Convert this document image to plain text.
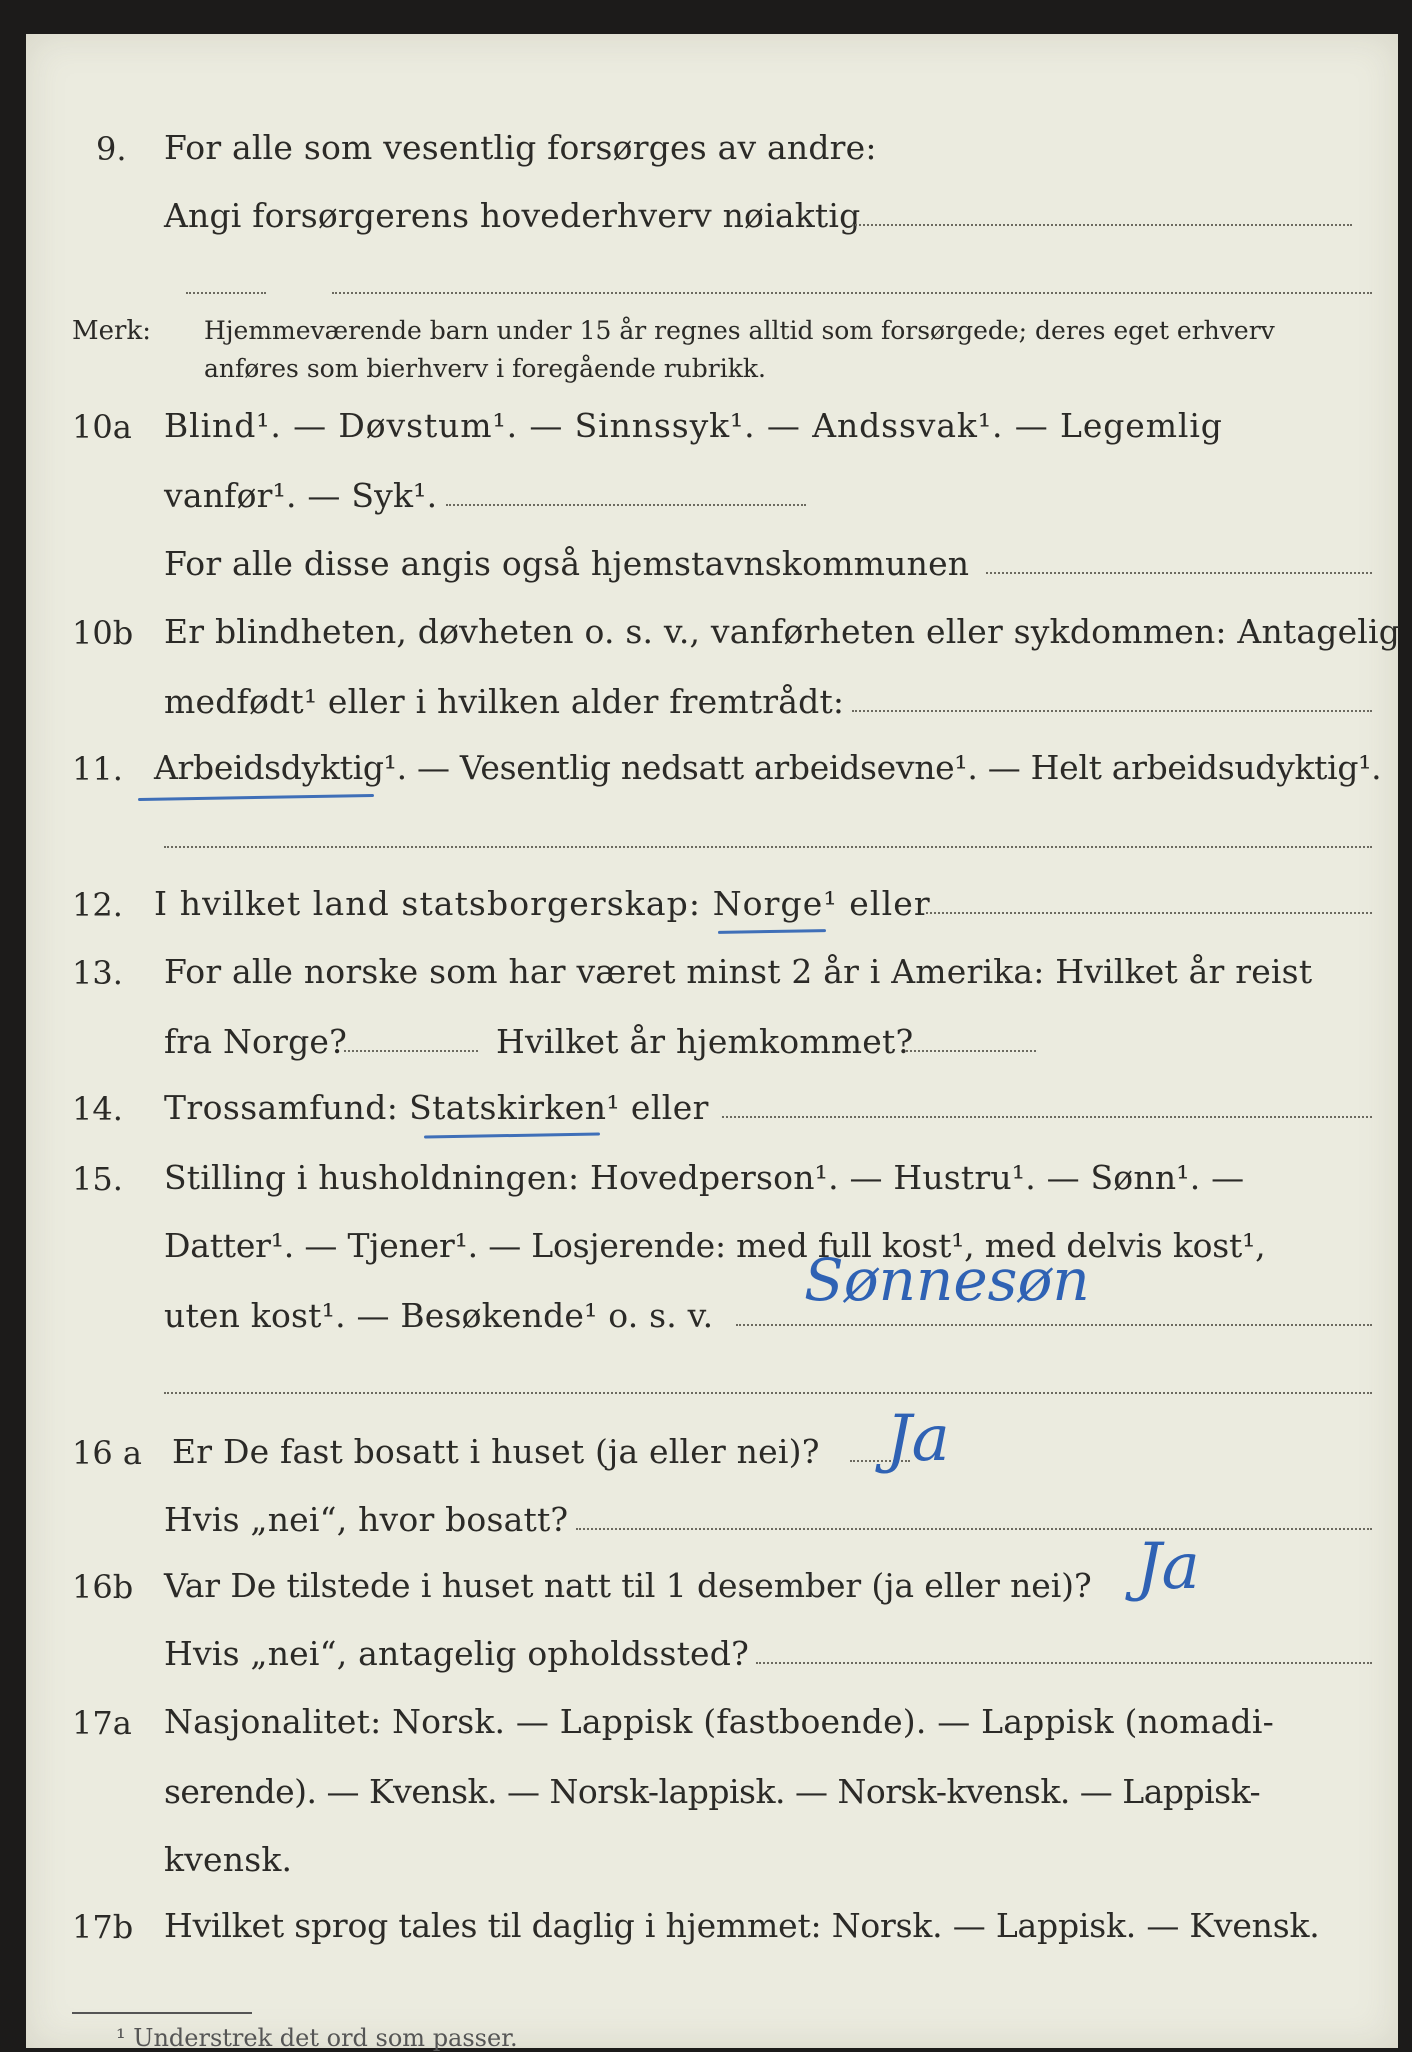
9. For alle som vesentlig forsørges av andre:
Angi forsørgerens hovederhverv nøiaktig
Merk: Hjemmeværende barn under 15 år regnes alltid som forsørgede; deres eget erhverv
anføres som bierhverv i foregående rubrikk.
10a Blind¹. — Døvstum¹. — Sinnssyk¹. — Andssvak¹. — Legemlig
vanfør¹. — Syk¹.
For alle disse angis også hjemstavnskommunen
10b Er blindheten, døvheten o. s. v., vanførheten eller sykdommen: Antagelig
medfødt¹ eller i hvilken alder fremtrådt:
11. Arbeidsdyktig¹. — Vesentlig nedsatt arbeidsevne¹. — Helt arbeidsudyktig¹.
12. I hvilket land statsborgerskap: Norge¹ eller
13. For alle norske som har været minst 2 år i Amerika: Hvilket år reist
fra Norge?	Hvilket år hjemkommet?
14. Trossamfund: Statskirken¹ eller
15. Stilling i husholdningen: Hovedperson¹. — Hustru¹. — Sønn¹. —
Datter¹. — Tjener¹. — Losjerende: med full kost¹, med delvis kost¹,
uten kost¹. — Besøkende¹ o. s. v.
Sønnesøn
16 a Er De fast bosatt i huset (ja eller nei)? Ja
Hvis „nei“, hvor bosatt?
16b Var De tilstede i huset natt til 1 desember (ja eller nei)? Ja
Hvis „nei“, antagelig opholdssted?
17a Nasjonalitet: Norsk. — Lappisk (fastboende). — Lappisk (nomadi-
serende). — Kvensk. — Norsk-lappisk. — Norsk-kvensk. — Lappisk-
kvensk.
17b Hvilket sprog tales til daglig i hjemmet: Norsk. — Lappisk. — Kvensk.
¹ Understrek det ord som passer.
